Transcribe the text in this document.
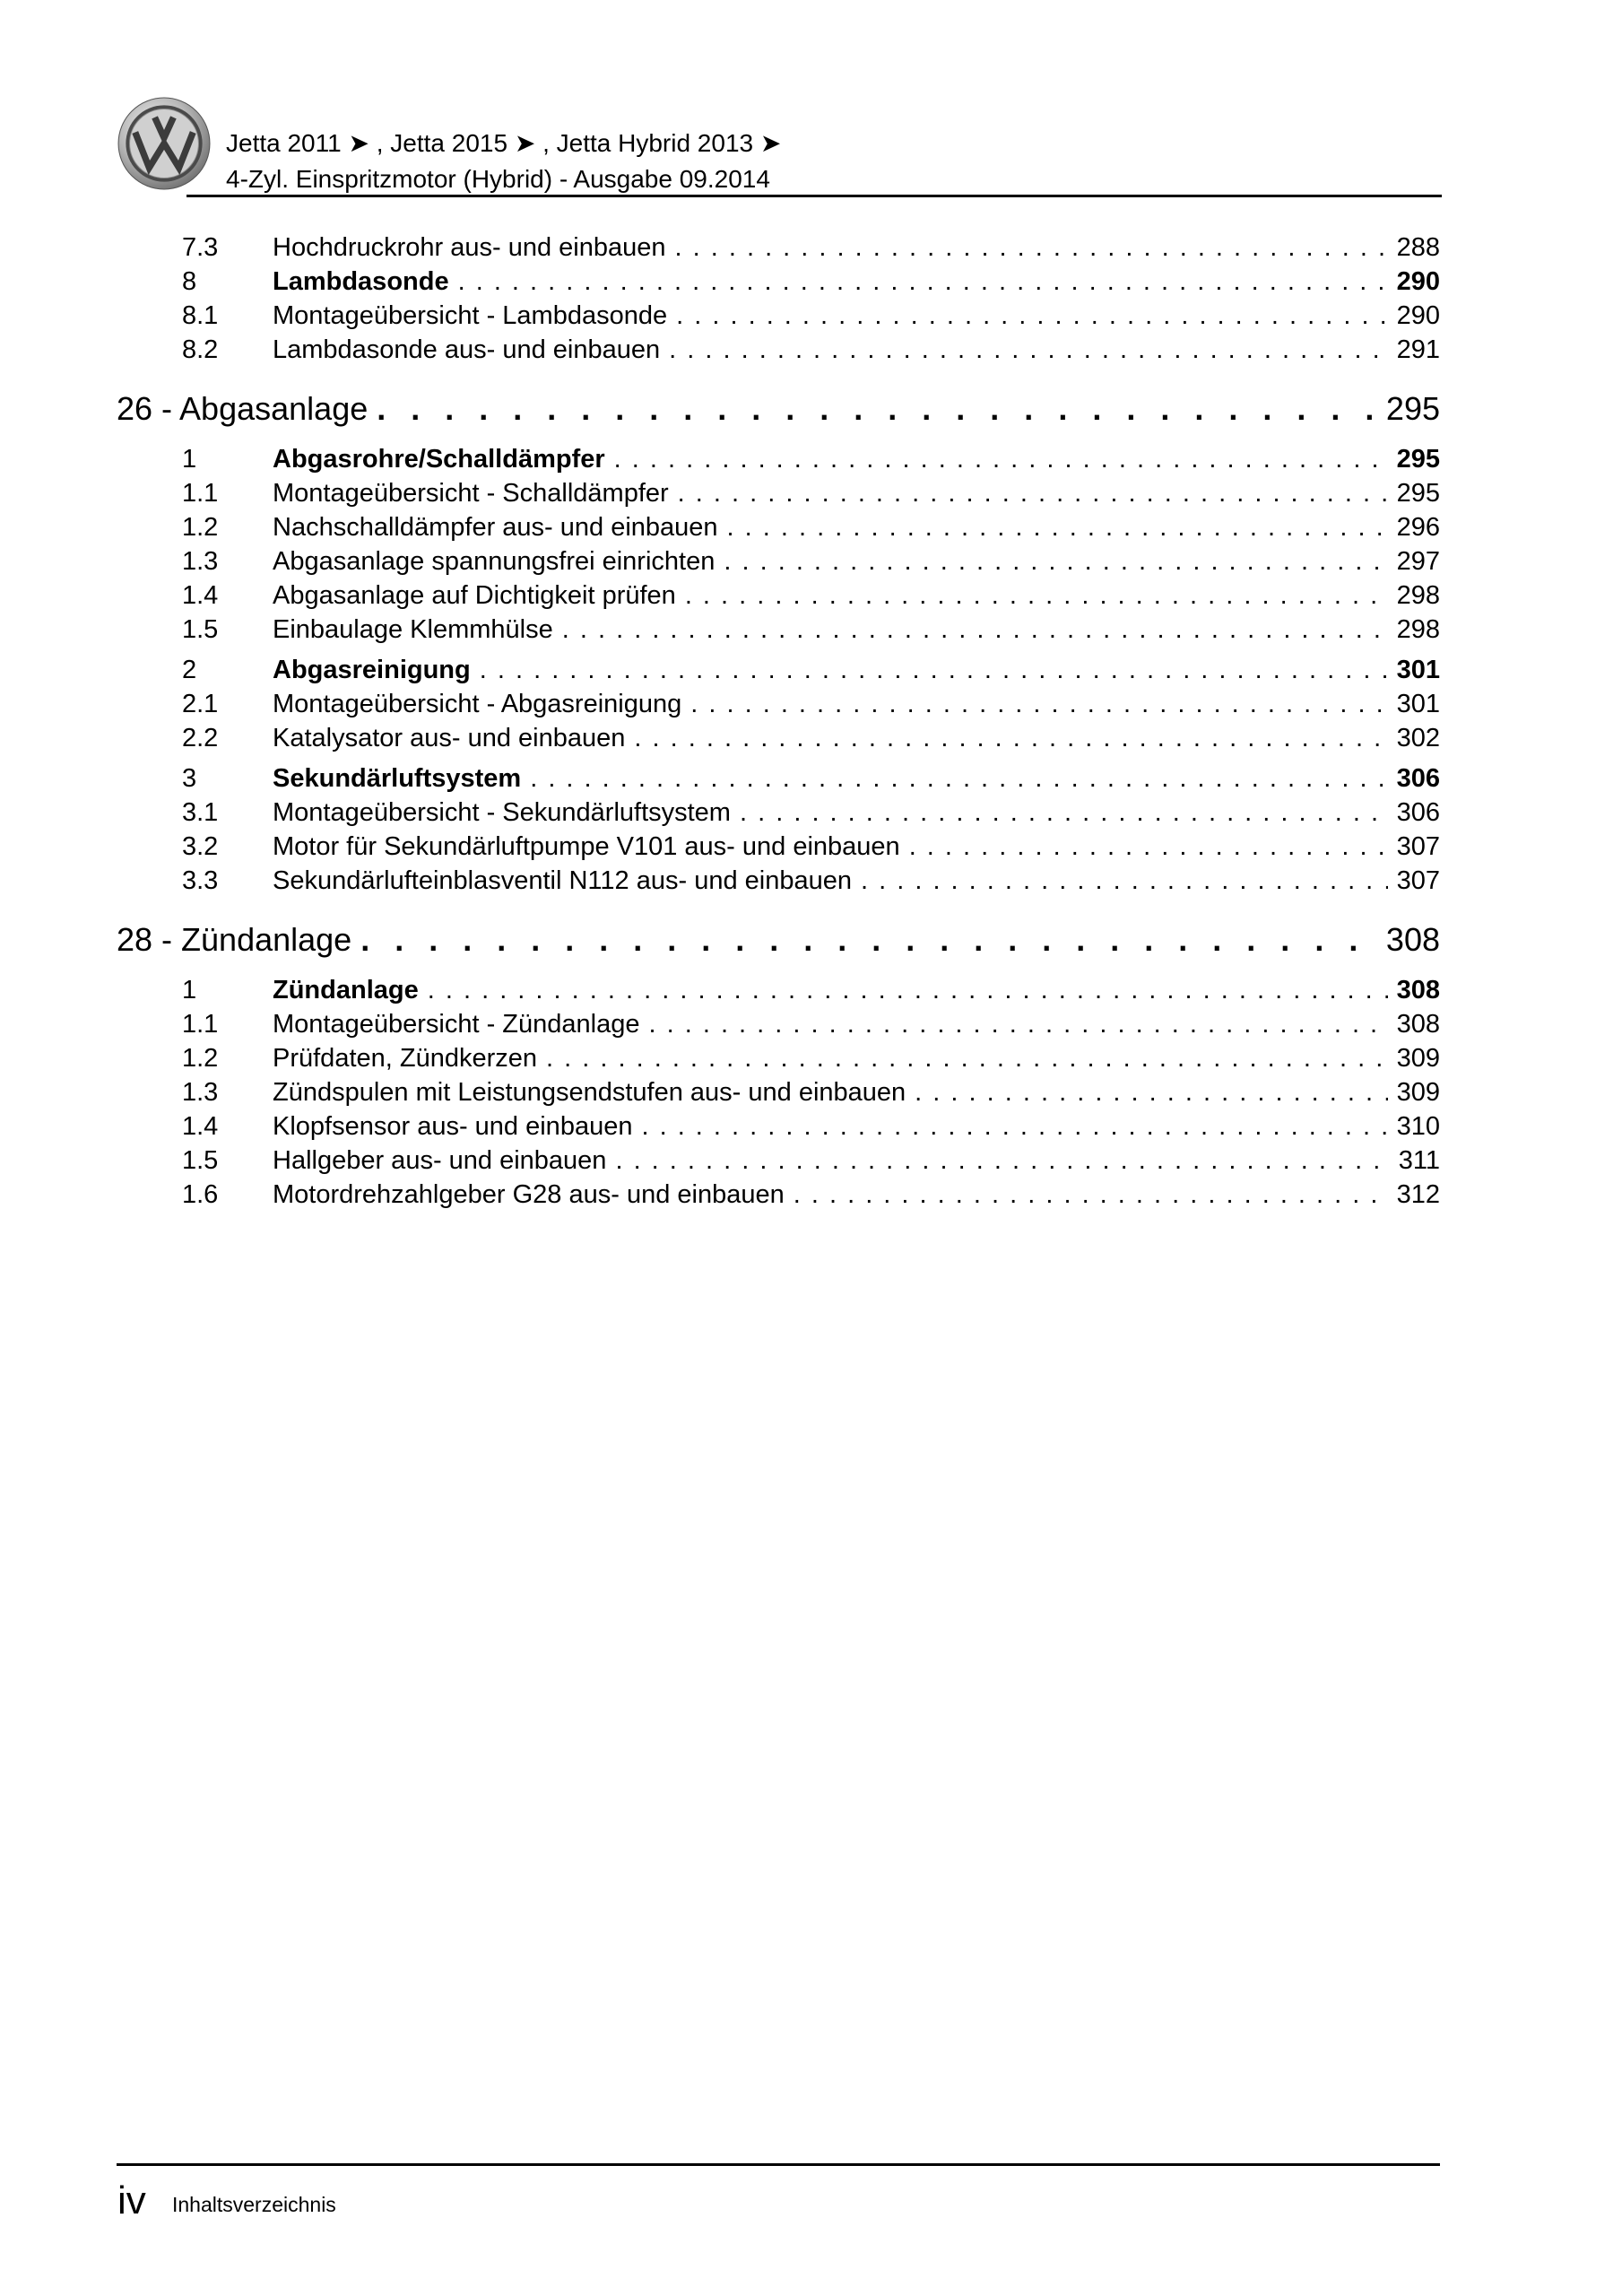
Jetta 2011 ➤ , Jetta 2015 ➤ , Jetta Hybrid 2013 ➤
4-Zyl. Einspritzmotor (Hybrid) - Ausgabe 09.2014
7.3	Hochdruckrohr aus- und einbauen . . .	288
8	Lambdasonde . . .	290
8.1	Montageübersicht - Lambdasonde . . .	290
8.2	Lambdasonde aus- und einbauen . . .	291
26 - Abgasanlage . . .	295
1	Abgasrohre/Schalldämpfer . . .	295
1.1	Montageübersicht - Schalldämpfer . . .	295
1.2	Nachschalldämpfer aus- und einbauen . . .	296
1.3	Abgasanlage spannungsfrei einrichten . . .	297
1.4	Abgasanlage auf Dichtigkeit prüfen . . .	298
1.5	Einbaulage Klemmhülse . . .	298
2	Abgasreinigung . . .	301
2.1	Montageübersicht - Abgasreinigung . . .	301
2.2	Katalysator aus- und einbauen . . .	302
3	Sekundärluftsystem . . .	306
3.1	Montageübersicht - Sekundärluftsystem . . .	306
3.2	Motor für Sekundärluftpumpe V101 aus- und einbauen . . .	307
3.3	Sekundärlufteinblasventil N112 aus- und einbauen . . .	307
28 - Zündanlage . . .	308
1	Zündanlage . . .	308
1.1	Montageübersicht - Zündanlage . . .	308
1.2	Prüfdaten, Zündkerzen . . .	309
1.3	Zündspulen mit Leistungsendstufen aus- und einbauen . . .	309
1.4	Klopfsensor aus- und einbauen . . .	310
1.5	Hallgeber aus- und einbauen . . .	311
1.6	Motordrehzahlgeber G28 aus- und einbauen . . .	312
iv Inhaltsverzeichnis
